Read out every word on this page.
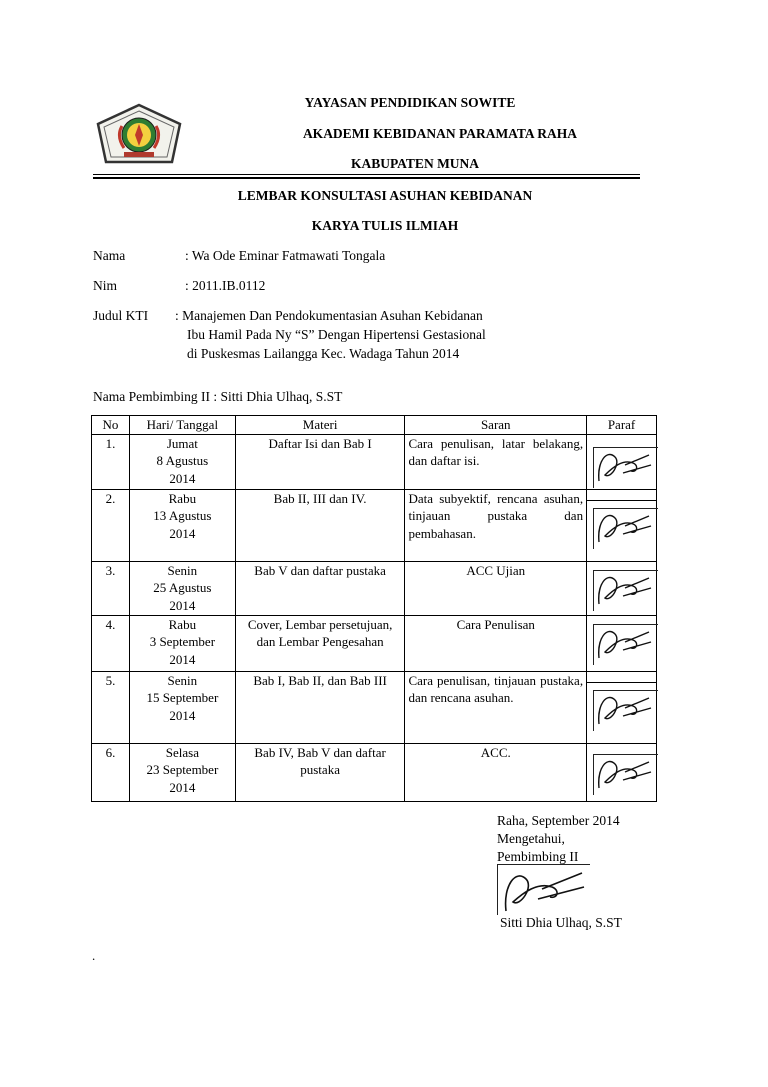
YAYASAN PENDIDIKAN SOWITE
AKADEMI KEBIDANAN PARAMATA RAHA
KABUPATEN MUNA
LEMBAR KONSULTASI ASUHAN KEBIDANAN
KARYA TULIS ILMIAH
Nama	: Wa Ode Eminar Fatmawati Tongala
Nim	: 2011.IB.0112
Judul KTI : Manajemen Dan Pendokumentasian Asuhan Kebidanan
Ibu Hamil Pada Ny “S” Dengan Hipertensi Gestasional
di Puskesmas Lailangga Kec. Wadaga Tahun 2014
Nama Pembimbing II : Sitti Dhia Ulhaq, S.ST
No	Hari/ Tanggal	Materi	Saran	Paraf
1.	Jumat
8 Agustus
2014	Daftar Isi dan Bab I	Cara penulisan, latar belakang, dan daftar isi.	

2.	Rabu
13 Agustus
2014	Bab II, III dan IV.	Data subyektif, rencana asuhan, tinjauan pustaka dan pembahasan.	

3.	Senin
25 Agustus
2014	Bab V dan daftar pustaka	ACC Ujian	

4.	Rabu
3 September
2014	Cover, Lembar persetujuan, dan Lembar Pengesahan	Cara Penulisan	

5.	Senin
15 September
2014	Bab I, Bab II, dan Bab III	Cara penulisan, tinjauan pustaka, dan rencana asuhan.	

6.	Selasa
23 September
2014	Bab IV, Bab V dan daftar pustaka	ACC.	
Raha, September 2014
Mengetahui,
Pembimbing II
Sitti Dhia Ulhaq, S.ST
.
